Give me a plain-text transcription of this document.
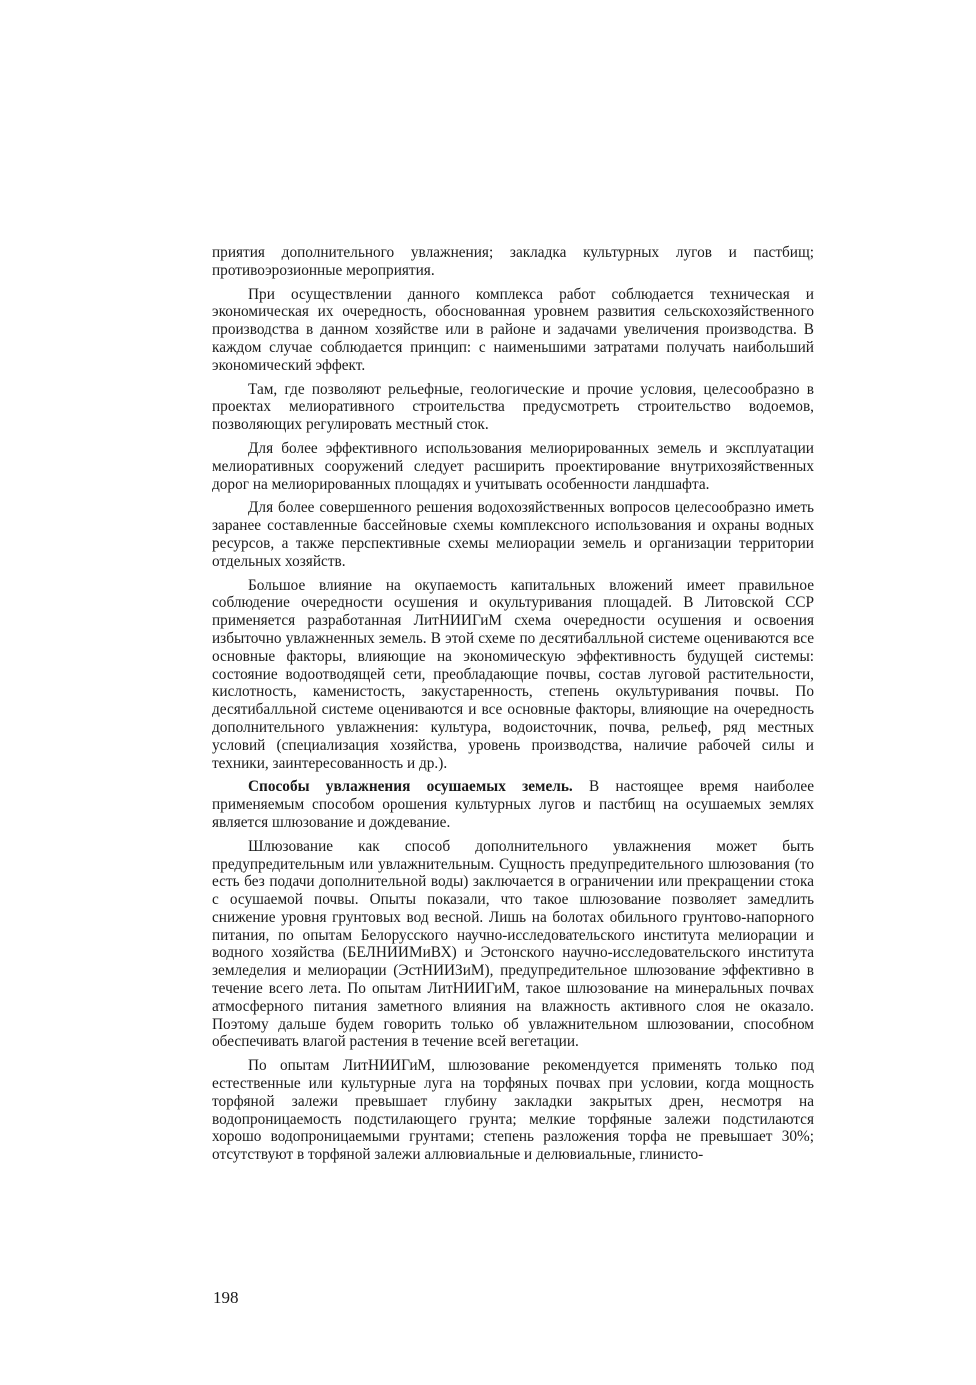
приятия дополнительного увлажнения; закладка культурных лугов и пастбищ; противоэрозионные мероприятия.

При осуществлении данного комплекса работ соблюдается техническая и экономическая их очередность, обоснованная уровнем развития сельскохозяйственного производства в данном хозяйстве или в районе и задачами увеличения производства. В каждом случае соблюдается принцип: с наименьшими затратами получать наибольший экономический эффект.

Там, где позволяют рельефные, геологические и прочие условия, целесообразно в проектах мелиоративного строительства предусмотреть строительство водоемов, позволяющих регулировать местный сток.

Для более эффективного использования мелиорированных земель и эксплуатации мелиоративных сооружений следует расширить проектирование внутрихозяйственных дорог на мелиорированных площадях и учитывать особенности ландшафта.

Для более совершенного решения водохозяйственных вопросов целесообразно иметь заранее составленные бассейновые схемы комплексного использования и охраны водных ресурсов, а также перспективные схемы мелиорации земель и организации территории отдельных хозяйств.

Большое влияние на окупаемость капитальных вложений имеет правильное соблюдение очередности осушения и окультуривания площадей. В Литовской ССР применяется разработанная ЛитНИИГиМ схема очередности осушения и освоения избыточно увлажненных земель. В этой схеме по десятибалльной системе оцениваются все основные факторы, влияющие на экономическую эффективность будущей системы: состояние водоотводящей сети, преобладающие почвы, состав луговой растительности, кислотность, каменистость, закустаренность, степень окультуривания почвы. По десятибалльной системе оцениваются и все основные факторы, влияющие на очередность дополнительного увлажнения: культура, водоисточник, почва, рельеф, ряд местных условий (специализация хозяйства, уровень производства, наличие рабочей силы и техники, заинтересованность и др.).

Способы увлажнения осушаемых земель. В настоящее время наиболее применяемым способом орошения культурных лугов и пастбищ на осушаемых землях является шлюзование и дождевание.

Шлюзование как способ дополнительного увлажнения может быть предупредительным или увлажнительным. Сущность предупредительного шлюзования (то есть без подачи дополнительной воды) заключается в ограничении или прекращении стока с осушаемой почвы. Опыты показали, что такое шлюзование позволяет замедлить снижение уровня грунтовых вод весной. Лишь на болотах обильного грунтово-напорного питания, по опытам Белорусского научно-исследовательского института мелиорации и водного хозяйства (БЕЛНИИМиВХ) и Эстонского научно-исследовательского института земледелия и мелиорации (ЭстНИИЗиМ), предупредительное шлюзование эффективно в течение всего лета. По опытам ЛитНИИГиМ, такое шлюзование на минеральных почвах атмосферного питания заметного влияния на влажность активного слоя не оказало. Поэтому дальше будем говорить только об увлажнительном шлюзовании, способном обеспечивать влагой растения в течение всей вегетации.

По опытам ЛитНИИГиМ, шлюзование рекомендуется применять только под естественные или культурные луга на торфяных почвах при условии, когда мощность торфяной залежи превышает глубину закладки закрытых дрен, несмотря на водопроницаемость подстилающего грунта; мелкие торфяные залежи подстилаются хорошо водопроницаемыми грунтами; степень разложения торфа не превышает 30%; отсутствуют в торфяной залежи аллювиальные и делювиальные, глинисто-

198
